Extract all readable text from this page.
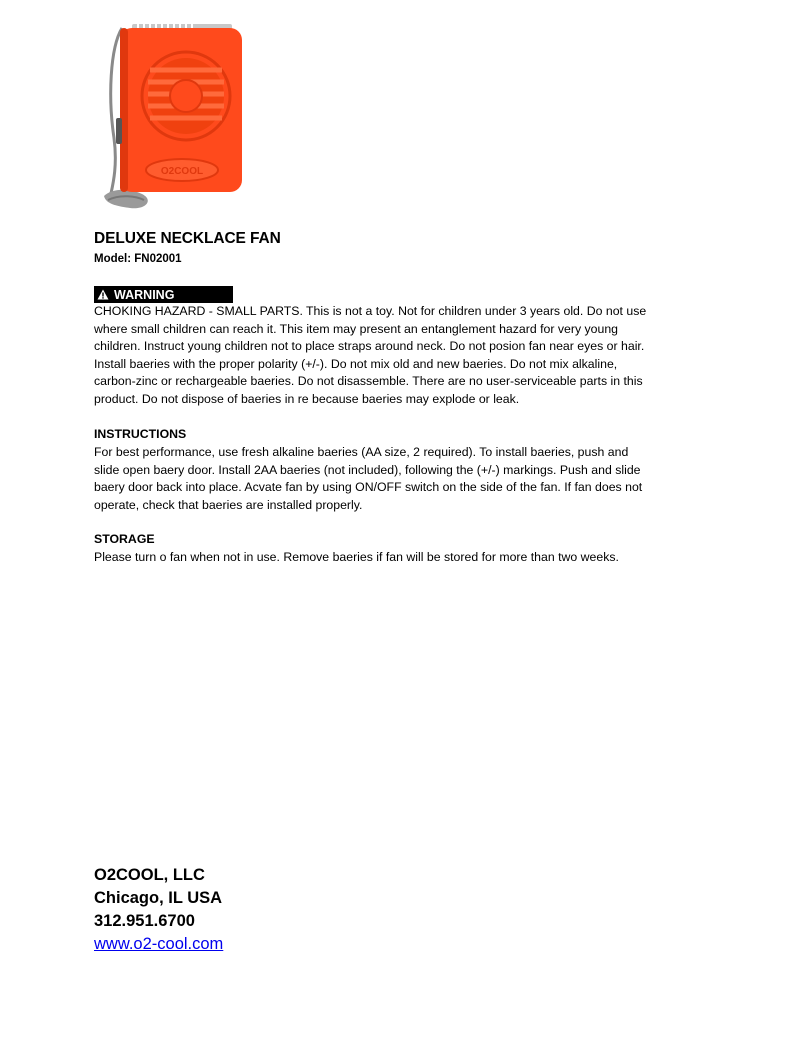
O2COOL
DELUXE NECKLACE FAN
Model: FN02001
WARNING
CHOKING HAZARD - SMALL PARTS. This is not a toy. Not for children under 3 years old. Do not use
where small children can reach it. This item may present an entanglement hazard for very young
children. Instruct young children not to place straps around neck. Do not posion fan near eyes or hair.
Install baeries with the proper polarity (+/-). Do not mix old and new baeries. Do not mix alkaline,
carbon-zinc or rechargeable baeries. Do not disassemble. There are no user-serviceable parts in this
product. Do not dispose of baeries in re because baeries may explode or leak.
INSTRUCTIONS
For best performance, use fresh alkaline baeries (AA size, 2 required). To install baeries, push and
slide open baery door. Install 2AA baeries (not included), following the (+/-) markings. Push and slide
baery door back into place. Acvate fan by using ON/OFF switch on the side of the fan. If fan does not
operate, check that baeries are installed properly.
STORAGE
Please turn o fan when not in use. Remove baeries if fan will be stored for more than two weeks.
O2COOL, LLC
Chicago, IL USA
312.951.6700
www.o2-cool.com
